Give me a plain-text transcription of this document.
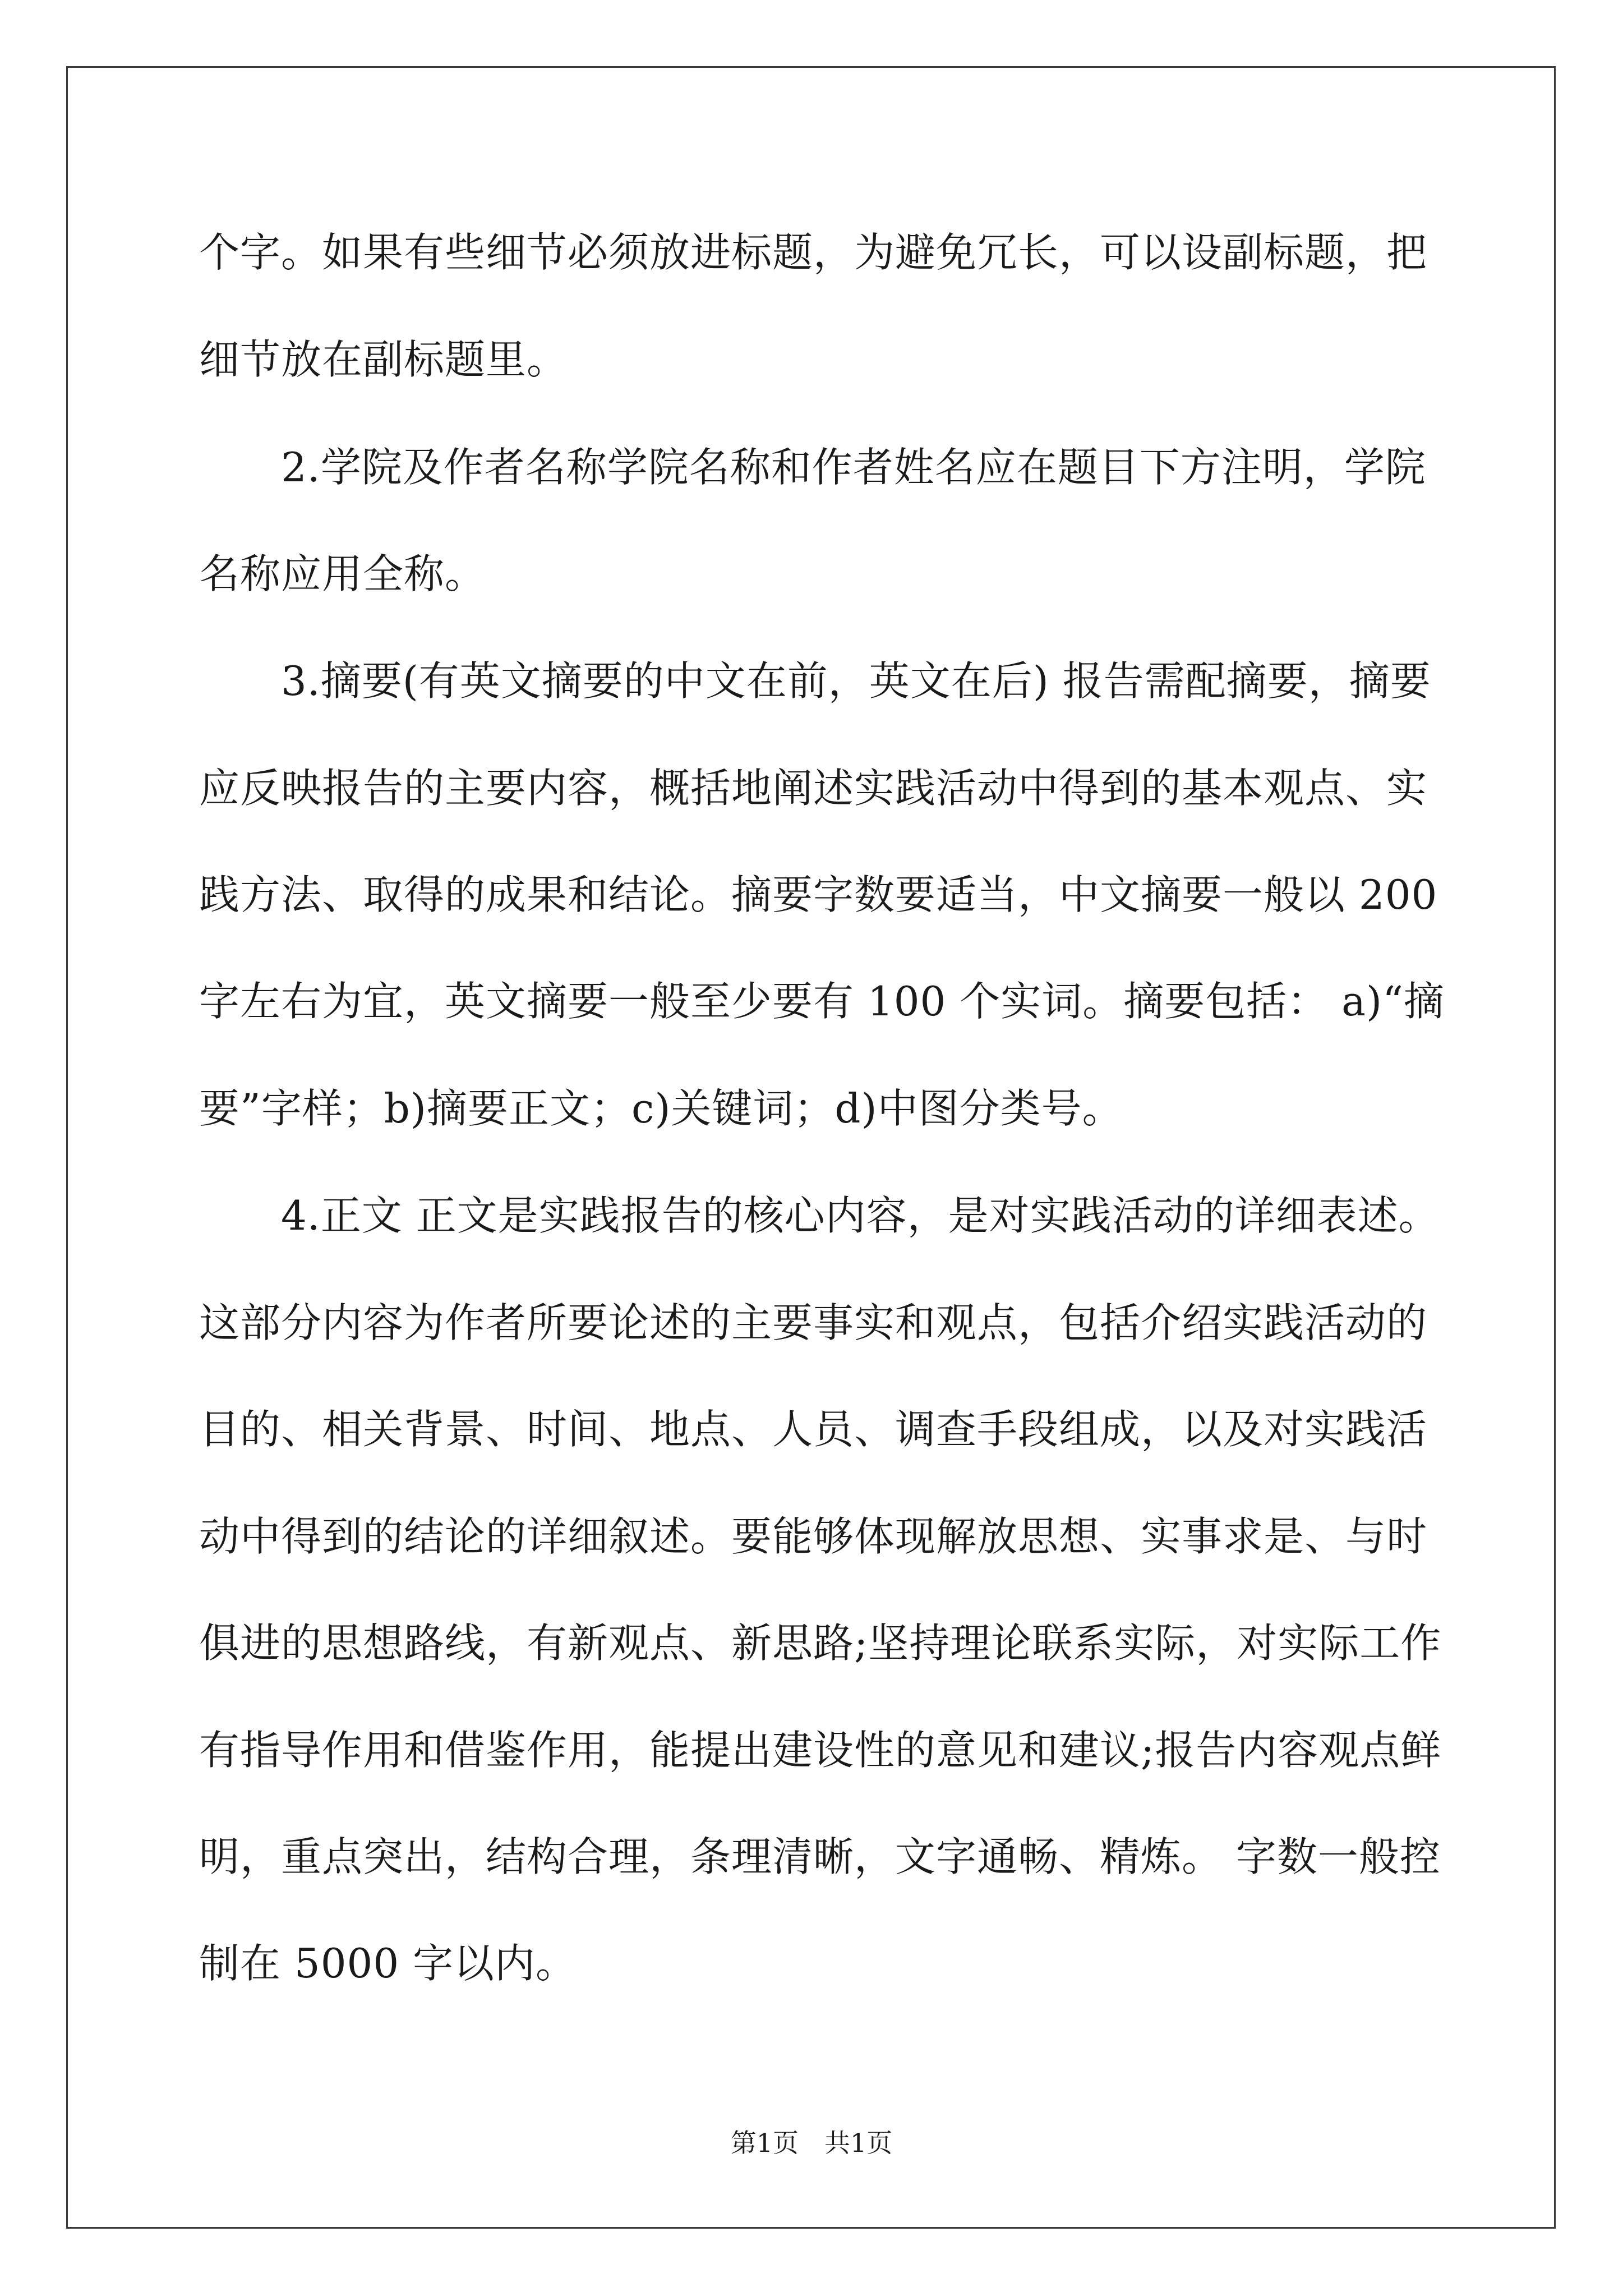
个字。如果有些细节必须放进标题，为避免冗长，可以设副标题，把
细节放在副标题里。
　　2.学院及作者名称学院名称和作者姓名应在题目下方注明，学院
名称应用全称。
　　3.摘要(有英文摘要的中文在前，英文在后) 报告需配摘要，摘要
应反映报告的主要内容，概括地阐述实践活动中得到的基本观点、实
践方法、取得的成果和结论。摘要字数要适当，中文摘要一般以 200
字左右为宜，英文摘要一般至少要有 100 个实词。摘要包括： a)“摘
要”字样；b)摘要正文；c)关键词；d)中图分类号。
　　4.正文 正文是实践报告的核心内容，是对实践活动的详细表述。
这部分内容为作者所要论述的主要事实和观点，包括介绍实践活动的
目的、相关背景、时间、地点、人员、调查手段组成，以及对实践活
动中得到的结论的详细叙述。要能够体现解放思想、实事求是、与时
俱进的思想路线，有新观点、新思路;坚持理论联系实际，对实际工作
有指导作用和借鉴作用，能提出建设性的意见和建议;报告内容观点鲜
明，重点突出，结构合理，条理清晰，文字通畅、精炼。 字数一般控
制在 5000 字以内。
第1页　共1页
